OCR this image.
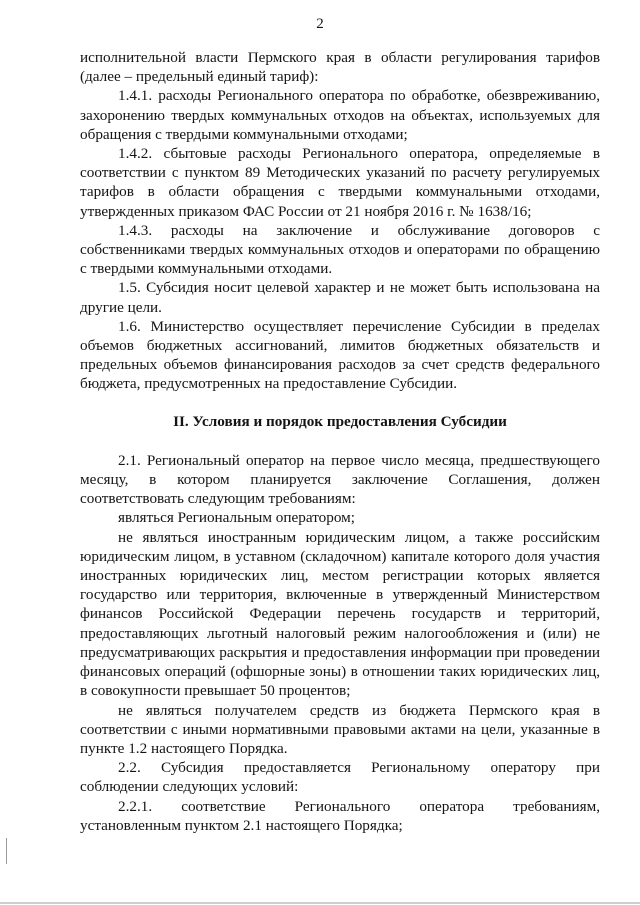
2

исполнительной власти Пермского края в области регулирования тарифов (далее – предельный единый тариф):

1.4.1. расходы Регионального оператора по обработке, обезвреживанию, захоронению твердых коммунальных отходов на объектах, используемых для обращения с твердыми коммунальными отходами;

1.4.2. сбытовые расходы Регионального оператора, определяемые в соответствии с пунктом 89 Методических указаний по расчету регулируемых тарифов в области обращения с твердыми коммунальными отходами, утвержденных приказом ФАС России от 21 ноября 2016 г. № 1638/16;

1.4.3. расходы на заключение и обслуживание договоров с собственниками твердых коммунальных отходов и операторами по обращению с твердыми коммунальными отходами.

1.5. Субсидия носит целевой характер и не может быть использована на другие цели.

1.6. Министерство осуществляет перечисление Субсидии в пределах объемов бюджетных ассигнований, лимитов бюджетных обязательств и предельных объемов финансирования расходов за счет средств федерального бюджета, предусмотренных на предоставление Субсидии.

II. Условия и порядок предоставления Субсидии

2.1. Региональный оператор на первое число месяца, предшествующего месяцу, в котором планируется заключение Соглашения, должен соответствовать следующим требованиям:

являться Региональным оператором;

не являться иностранным юридическим лицом, а также российским юридическим лицом, в уставном (складочном) капитале которого доля участия иностранных юридических лиц, местом регистрации которых является государство или территория, включенные в утвержденный Министерством финансов Российской Федерации перечень государств и территорий, предоставляющих льготный налоговый режим налогообложения и (или) не предусматривающих раскрытия и предоставления информации при проведении финансовых операций (офшорные зоны) в отношении таких юридических лиц, в совокупности превышает 50 процентов;

не являться получателем средств из бюджета Пермского края в соответствии с иными нормативными правовыми актами на цели, указанные в пункте 1.2 настоящего Порядка.

2.2. Субсидия предоставляется Региональному оператору при соблюдении следующих условий:

2.2.1. соответствие Регионального оператора требованиям, установленным пунктом 2.1 настоящего Порядка;
